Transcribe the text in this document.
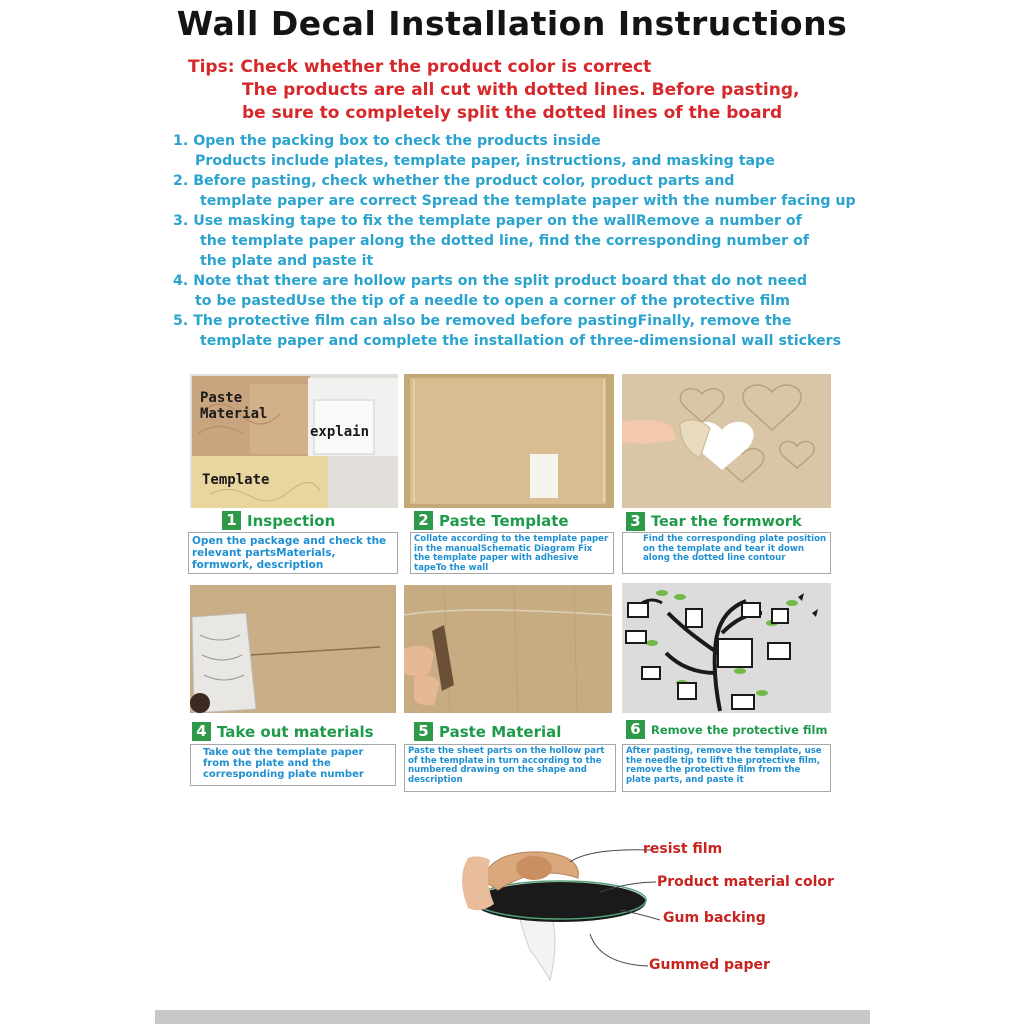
Wall Decal Installation Instructions
Tips: Check whether the product color is correct
The products are all cut with dotted lines. Before pasting,
be sure to completely split the dotted lines of the board
1. Open the packing box to check the products inside
Products include plates, template paper, instructions, and masking tape
2. Before pasting, check whether the product color, product parts and
template paper are correct Spread the template paper with the number facing up
3. Use masking tape to fix the template paper on the wallRemove a number of
the template paper along the dotted line, find the corresponding number of
the plate and paste it
4. Note that there are hollow parts on the split product board that do not need
to be pastedUse the tip of a needle to open a corner of the protective film
5. The protective film can also be removed before pastingFinally, remove the
template paper and complete the installation of three-dimensional wall stickers
Paste
Material
explain
Template
1 Inspection	2 Paste Template	3 Tear the formwork
Open the package and check the relevant partsMaterials, formwork, description
Collate according to the template paper in the manualSchematic Diagram Fix the template paper with adhesive tapeTo the wall
Find the corresponding plate position on the template and tear it down along the dotted line contour
4 Take out materials	5 Paste Material	6 Remove the protective film
Take out the template paper from the plate and the corresponding plate number
Paste the sheet parts on the hollow part of the template in turn according to the numbered drawing on the shape and description
After pasting, remove the template, use the needle tip to lift the protective film, remove the protective film from the plate parts, and paste it
resist film
Product material color
Gum backing
Gummed paper
